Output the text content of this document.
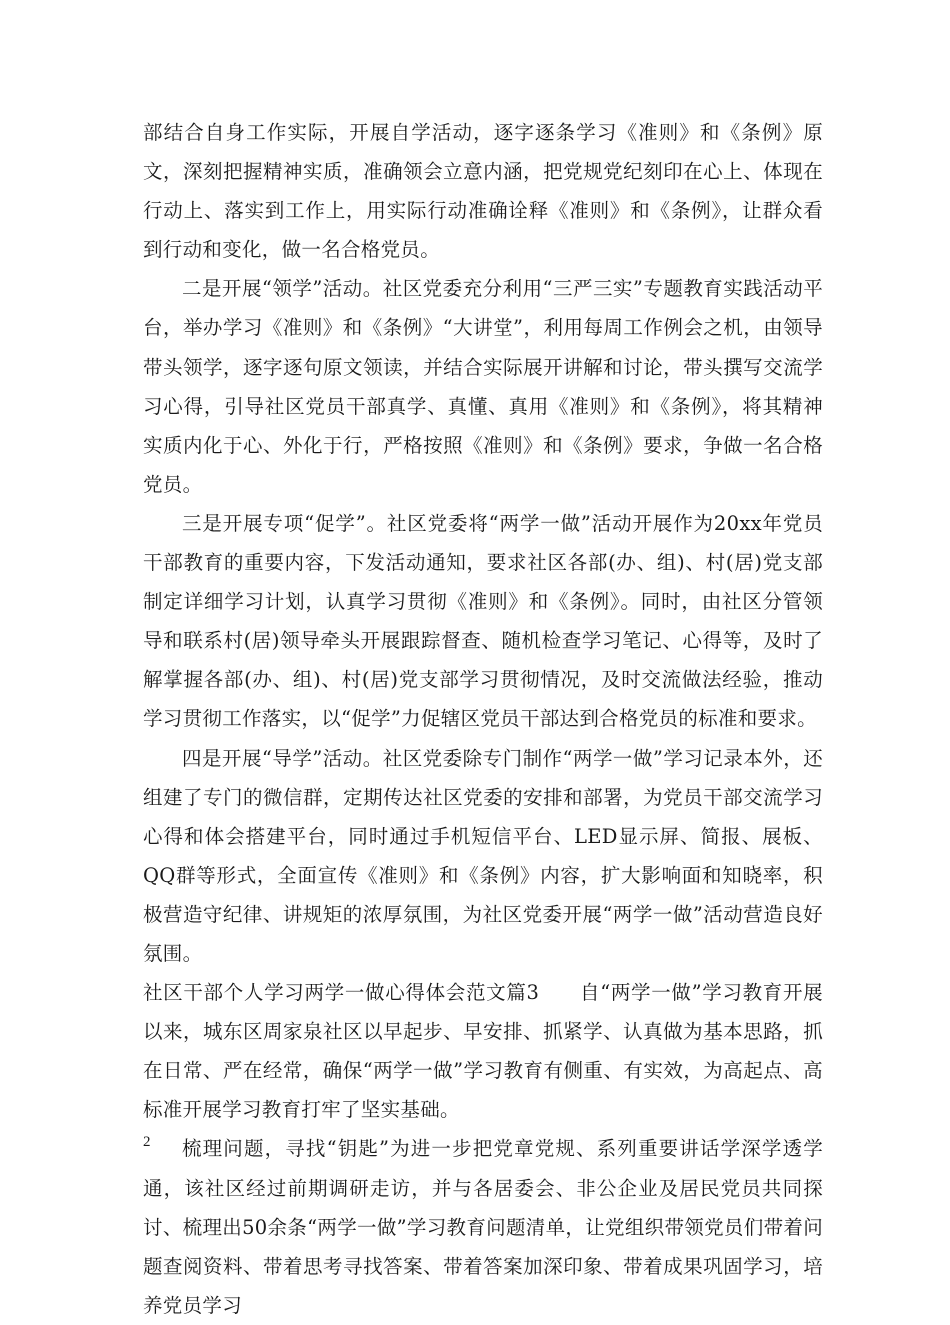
部结合自身工作实际，开展自学活动，逐字逐条学习《准则》和《条例》原文，深刻把握精神实质，准确领会立意内涵，把党规党纪刻印在心上、体现在行动上、落实到工作上，用实际行动准确诠释《准则》和《条例》，让群众看到行动和变化，做一名合格党员。

二是开展“领学”活动。社区党委充分利用“三严三实”专题教育实践活动平台，举办学习《准则》和《条例》“大讲堂”，利用每周工作例会之机，由领导带头领学，逐字逐句原文领读，并结合实际展开讲解和讨论，带头撰写交流学习心得，引导社区党员干部真学、真懂、真用《准则》和《条例》，将其精神实质内化于心、外化于行，严格按照《准则》和《条例》要求，争做一名合格党员。

三是开展专项“促学”。社区党委将“两学一做”活动开展作为20xx年党员干部教育的重要内容，下发活动通知，要求社区各部(办、组)、村(居)党支部制定详细学习计划，认真学习贯彻《准则》和《条例》。同时，由社区分管领导和联系村(居)领导牵头开展跟踪督查、随机检查学习笔记、心得等，及时了解掌握各部(办、组)、村(居)党支部学习贯彻情况，及时交流做法经验，推动学习贯彻工作落实，以“促学”力促辖区党员干部达到合格党员的标准和要求。

四是开展“导学”活动。社区党委除专门制作“两学一做”学习记录本外，还组建了专门的微信群，定期传达社区党委的安排和部署，为党员干部交流学习心得和体会搭建平台，同时通过手机短信平台、LED显示屏、简报、展板、QQ群等形式，全面宣传《准则》和《条例》内容，扩大影响面和知晓率，积极营造守纪律、讲规矩的浓厚氛围，为社区党委开展“两学一做”活动营造良好氛围。

社区干部个人学习两学一做心得体会范文篇3　　自“两学一做”学习教育开展以来，城东区周家泉社区以早起步、早安排、抓紧学、认真做为基本思路，抓在日常、严在经常，确保“两学一做”学习教育有侧重、有实效，为高起点、高标准开展学习教育打牢了坚实基础。

梳理问题，寻找“钥匙”为进一步把党章党规、系列重要讲话学深学透学通，该社区经过前期调研走访，并与各居委会、非公企业及居民党员共同探讨、梳理出50余条“两学一做”学习教育问题清单，让党组织带领党员们带着问题查阅资料、带着思考寻找答案、带着答案加深印象、带着成果巩固学习，培养党员学习

2
